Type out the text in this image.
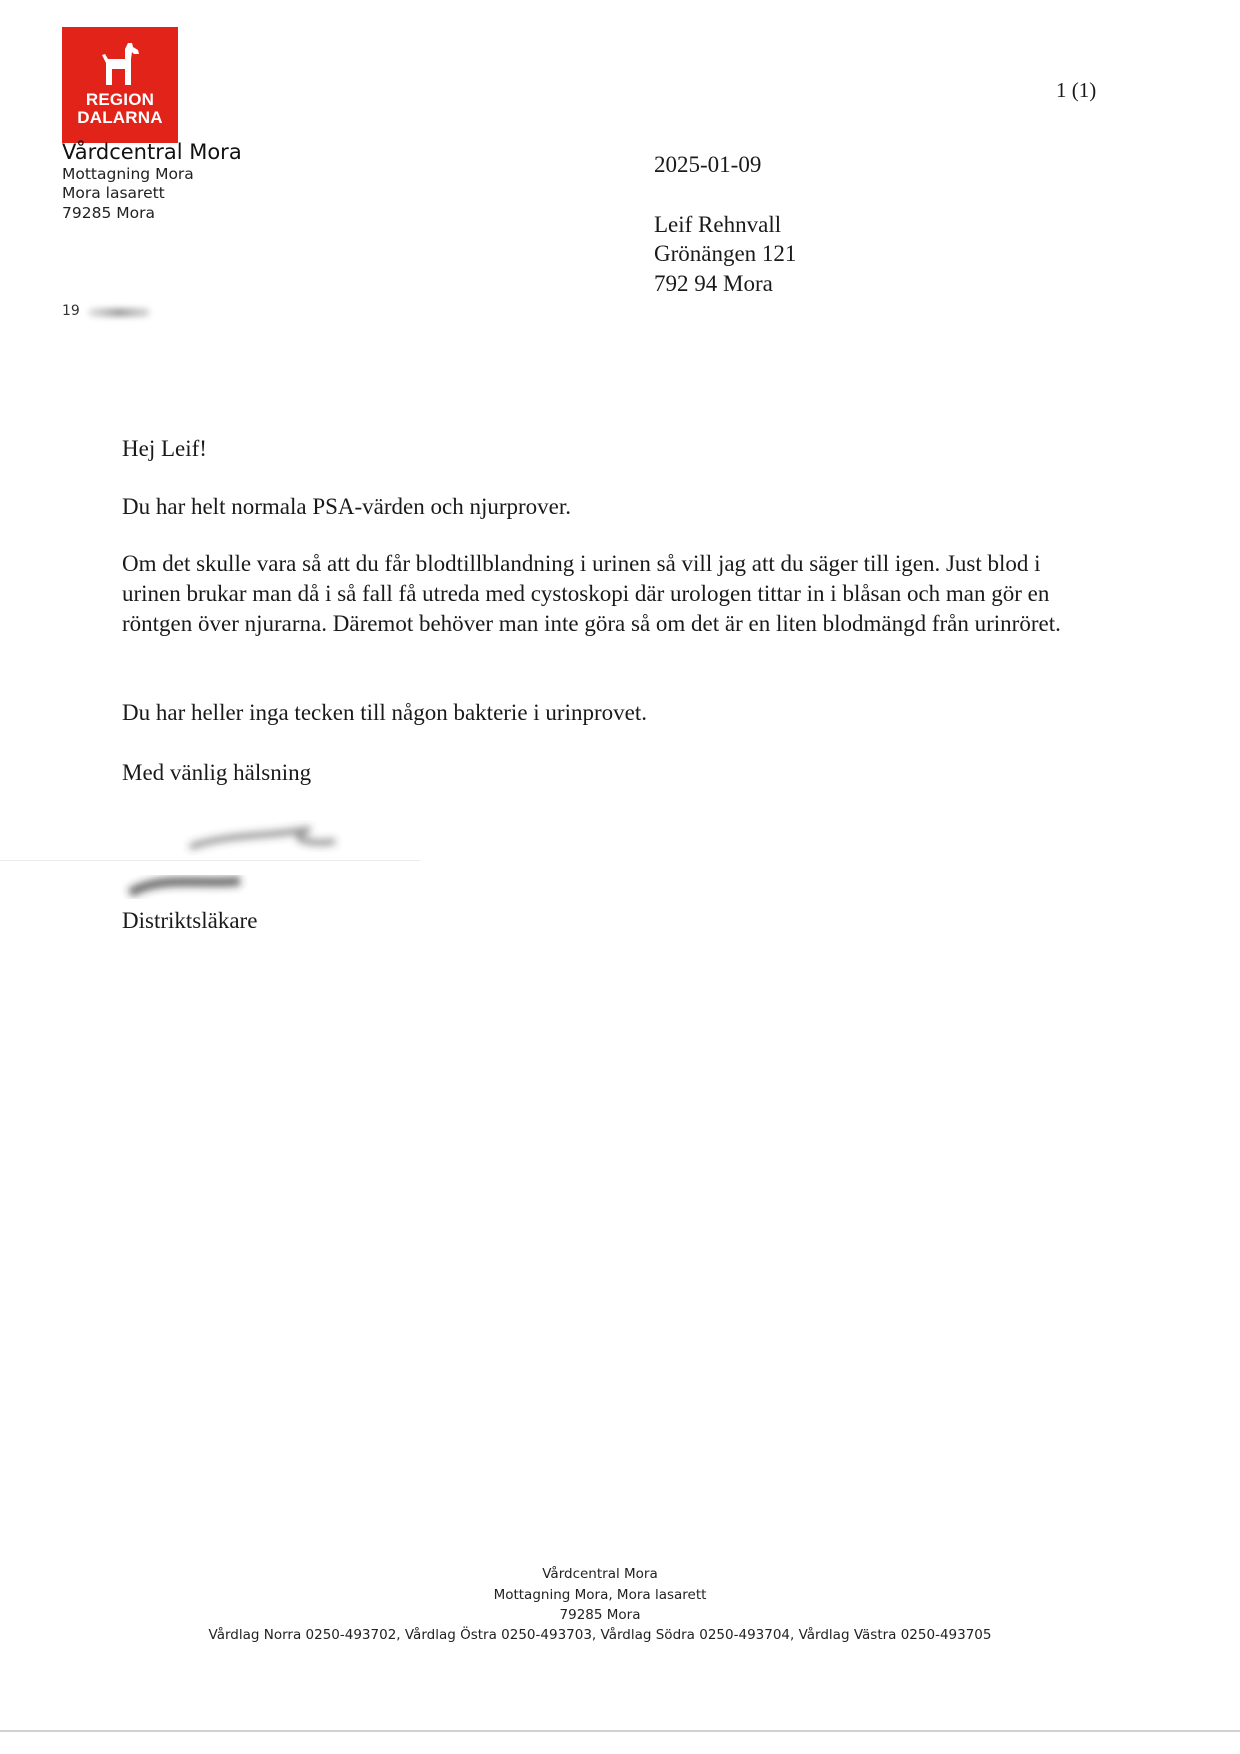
REGION
DALARNA
Vårdcentral Mora
Mottagning Mora
Mora lasarett
79285 Mora
19
1 (1)
2025-01-09
Leif Rehnvall
Grönängen 121
792 94 Mora
Hej Leif!
Du har helt normala PSA-värden och njurprover.
Om det skulle vara så att du får blodtillblandning i urinen så vill jag att du säger till igen. Just blod i urinen brukar man då i så fall få utreda med cystoskopi där urologen tittar in i blåsan och man gör en röntgen över njurarna. Däremot behöver man inte göra så om det är en liten blodmängd från urinröret.
Du har heller inga tecken till någon bakterie i urinprovet.
Med vänlig hälsning
Distriktsläkare
Vårdcentral Mora
Mottagning Mora, Mora lasarett
79285 Mora
Vårdlag Norra 0250-493702, Vårdlag Östra 0250-493703, Vårdlag Södra 0250-493704, Vårdlag Västra 0250-493705
